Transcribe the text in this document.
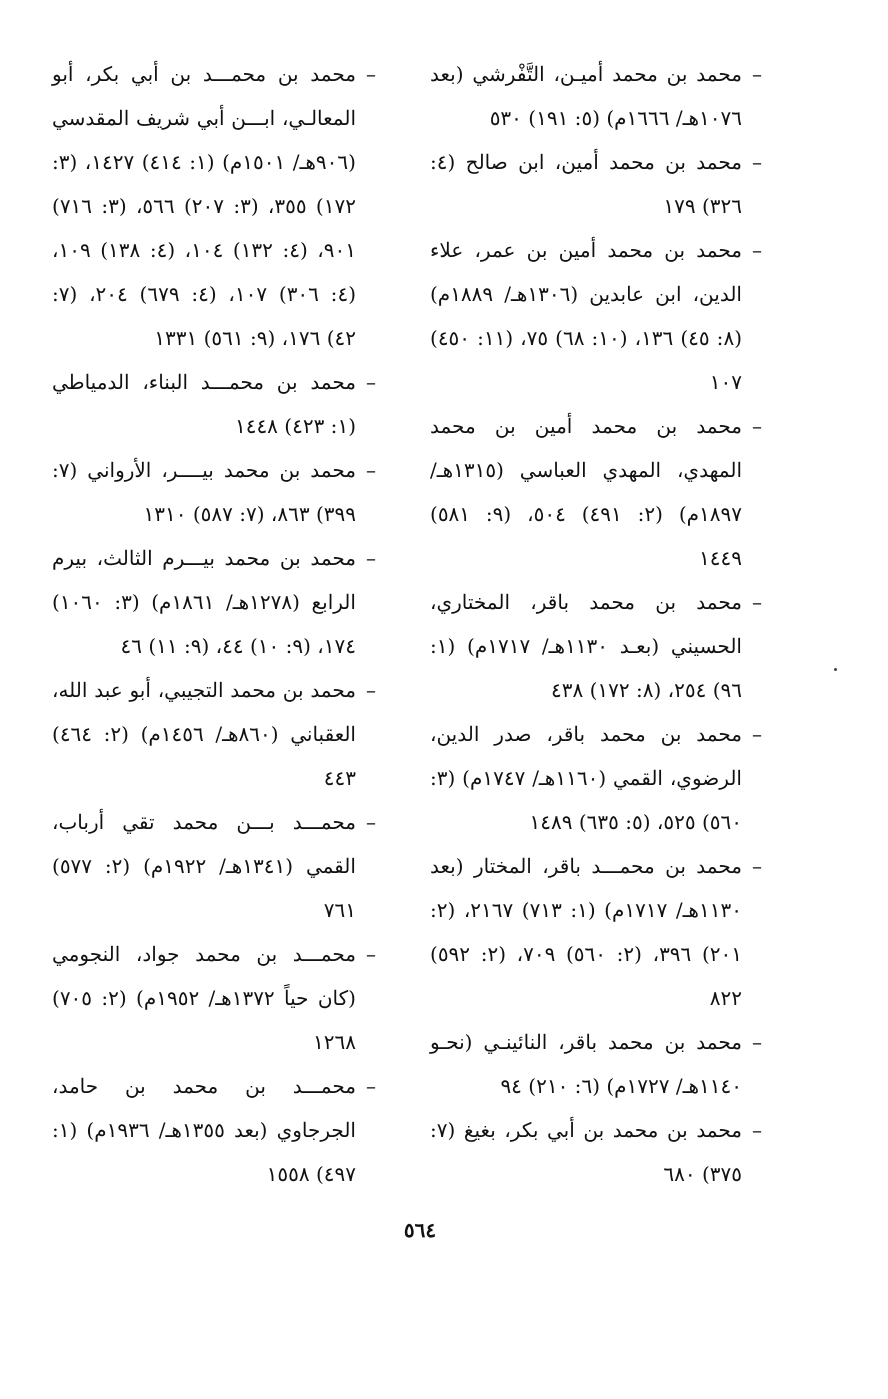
–
محمد بن محمد أميـن، التَّفْرشي (بعد ١٠٧٦هـ/ ١٦٦٦م) (٥: ١٩١) ٥٣٠
–
محمد بن محمد أمين، ابن صالح (٤: ٣٢٦) ١٧٩
–
محمد بن محمد أمين بن عمر، علاء الدين، ابن عابدين (١٣٠٦هـ/ ١٨٨٩م) (٨: ٤٥) ١٣٦، (١٠: ٦٨) ٧٥، (١١: ٤٥٠) ١٠٧
–
محمد بن محمد أمين بن محمد المهدي، المهدي العباسي (١٣١٥هـ/ ١٨٩٧م) (٢: ٤٩١) ٥٠٤، (٩: ٥٨١) ١٤٤٩
–
محمد بن محمد باقر، المختاري، الحسيني (بعـد ١١٣٠هـ/ ١٧١٧م) (١: ٩٦) ٢٥٤، (٨: ١٧٢) ٤٣٨
–
محمد بن محمد باقر، صدر الدين، الرضوي، القمي (١١٦٠هـ/ ١٧٤٧م) (٣: ٥٦٠) ٥٢٥، (٥: ٦٣٥) ١٤٨٩
–
محمد بن محمـــد باقر، المختار (بعد ١١٣٠هـ/ ١٧١٧م) (١: ٧١٣) ٢١٦٧، (٢: ٢٠١) ٣٩٦، (٢: ٥٦٠) ٧٠٩، (٢: ٥٩٢) ٨٢٢
–
محمد بن محمد باقر، النائينـي (نحـو ١١٤٠هـ/ ١٧٢٧م) (٦: ٢١٠) ٩٤
–
محمد بن محمد بن أبي بكر، بغيغ (٧: ٣٧٥) ٦٨٠
–
محمد بن محمـــد بن أبي بكر، أبو المعالـي، ابـــن أبي شريف المقدسي (٩٠٦هـ/ ١٥٠١م) (١: ٤١٤) ١٤٢٧، (٣: ١٧٢) ٣٥٥، (٣: ٢٠٧) ٥٦٦، (٣: ٧١٦) ٩٠١، (٤: ١٣٢) ١٠٤، (٤: ١٣٨) ١٠٩، (٤: ٣٠٦) ١٠٧، (٤: ٦٧٩) ٢٠٤، (٧: ٤٢) ١٧٦، (٩: ٥٦١) ١٣٣١
–
محمد بن محمـــد البناء، الدمياطي (١: ٤٢٣) ١٤٤٨
–
محمد بن محمد بيــــر، الأرواني (٧: ٣٩٩) ٨٦٣، (٧: ٥٨٧) ١٣١٠
–
محمد بن محمد بيـــرم الثالث، بيرم الرابع (١٢٧٨هـ/ ١٨٦١م) (٣: ١٠٦٠) ١٧٤، (٩: ١٠) ٤٤، (٩: ١١) ٤٦
–
محمد بن محمد التجيبي، أبو عبد الله، العقباني (٨٦٠هـ/ ١٤٥٦م) (٢: ٤٦٤) ٤٤٣
–
محمـــد بـــن محمد تقي أرباب، القمي (١٣٤١هـ/ ١٩٢٢م) (٢: ٥٧٧) ٧٦١
–
محمـــد بن محمد جواد، النجومي (كان حياً ١٣٧٢هـ/ ١٩٥٢م) (٢: ٧٠٥) ١٢٦٨
–
محمـــد بن محمد بن حامد، الجرجاوي (بعد ١٣٥٥هـ/ ١٩٣٦م) (١: ٤٩٧) ١٥٥٨
٥٦٤
